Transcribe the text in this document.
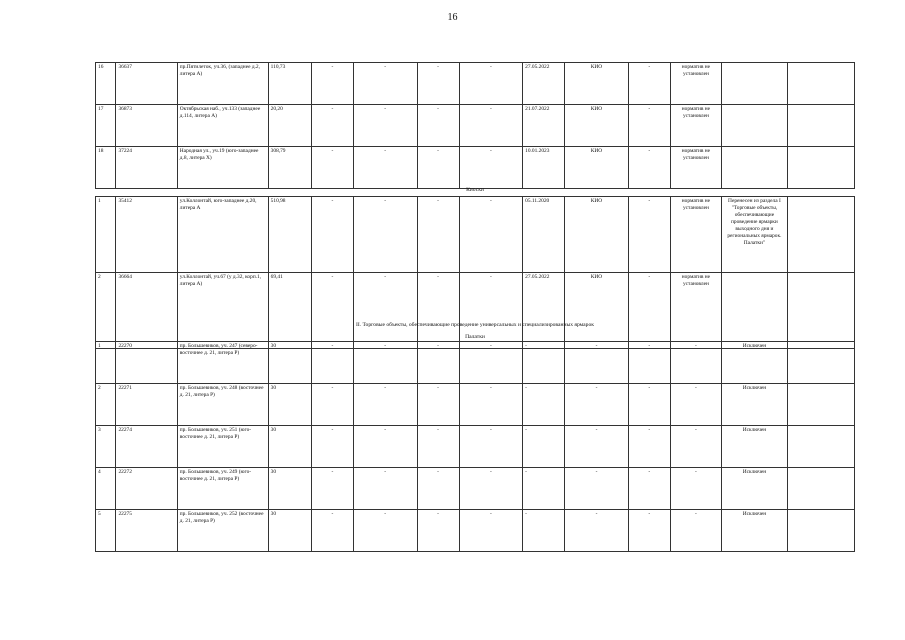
16
16	36637	пр.Пятилеток, уч.36, (западнее д.2, литера А)	110,73	-	-	-	-	27.05.2022	КИО	-	норматив не установлен		
17	36873	Октябрьская наб., уч.133 (западнее д.114, литера А)	20,20	-	-	-	-	21.07.2022	КИО	-	норматив не установлен		
18	37224	Народная ул., уч.19 (юго-западнее д.8, литера Х)	308,79	-	-	-	-	10.01.2023	КИО	-	норматив не установлен		
Киоски
1	35412	ул.Коллонтай, юго-западнее д.20, литера А	510,98	-	-	-	-	05.11.2020	КИО	-	норматив не установлен	Перенесен из раздела I "Торговые объекты, обеспечивающие проведение ярмарки выходного дня и региональных ярмарок. Палатки"	
2	36664	ул.Коллонтай, уч.67 (у д.32, корп.1, литера А)	69,41	-	-	-	-	27.05.2022	КИО	-	норматив не установлен		
II. Торговые объекты, обеспечивающие проведение универсальных и специализированных ярмарок
Палатки
1	22270	пр. Большевиков, уч. 247 (северо-восточнее д. 21, литера Р)	30	-	-	-	-	-	-	-	-	Исключен	
2	22271	пр. Большевиков, уч. 248 (восточнее д. 21, литера Р)	30	-	-	-	-	-	-	-	-	Исключен	
3	22274	пр. Большевиков, уч. 251 (юго-восточнее д. 21, литера Р)	30	-	-	-	-	-	-	-	-	Исключен	
4	22272	пр. Большевиков, уч. 249 (юго-восточнее д. 21, литера Р)	30	-	-	-	-	-	-	-	-	Исключен	
5	22275	пр. Большевиков, уч. 252 (восточнее д. 21, литера Р)	30	-	-	-	-	-	-	-	-	Исключен	
